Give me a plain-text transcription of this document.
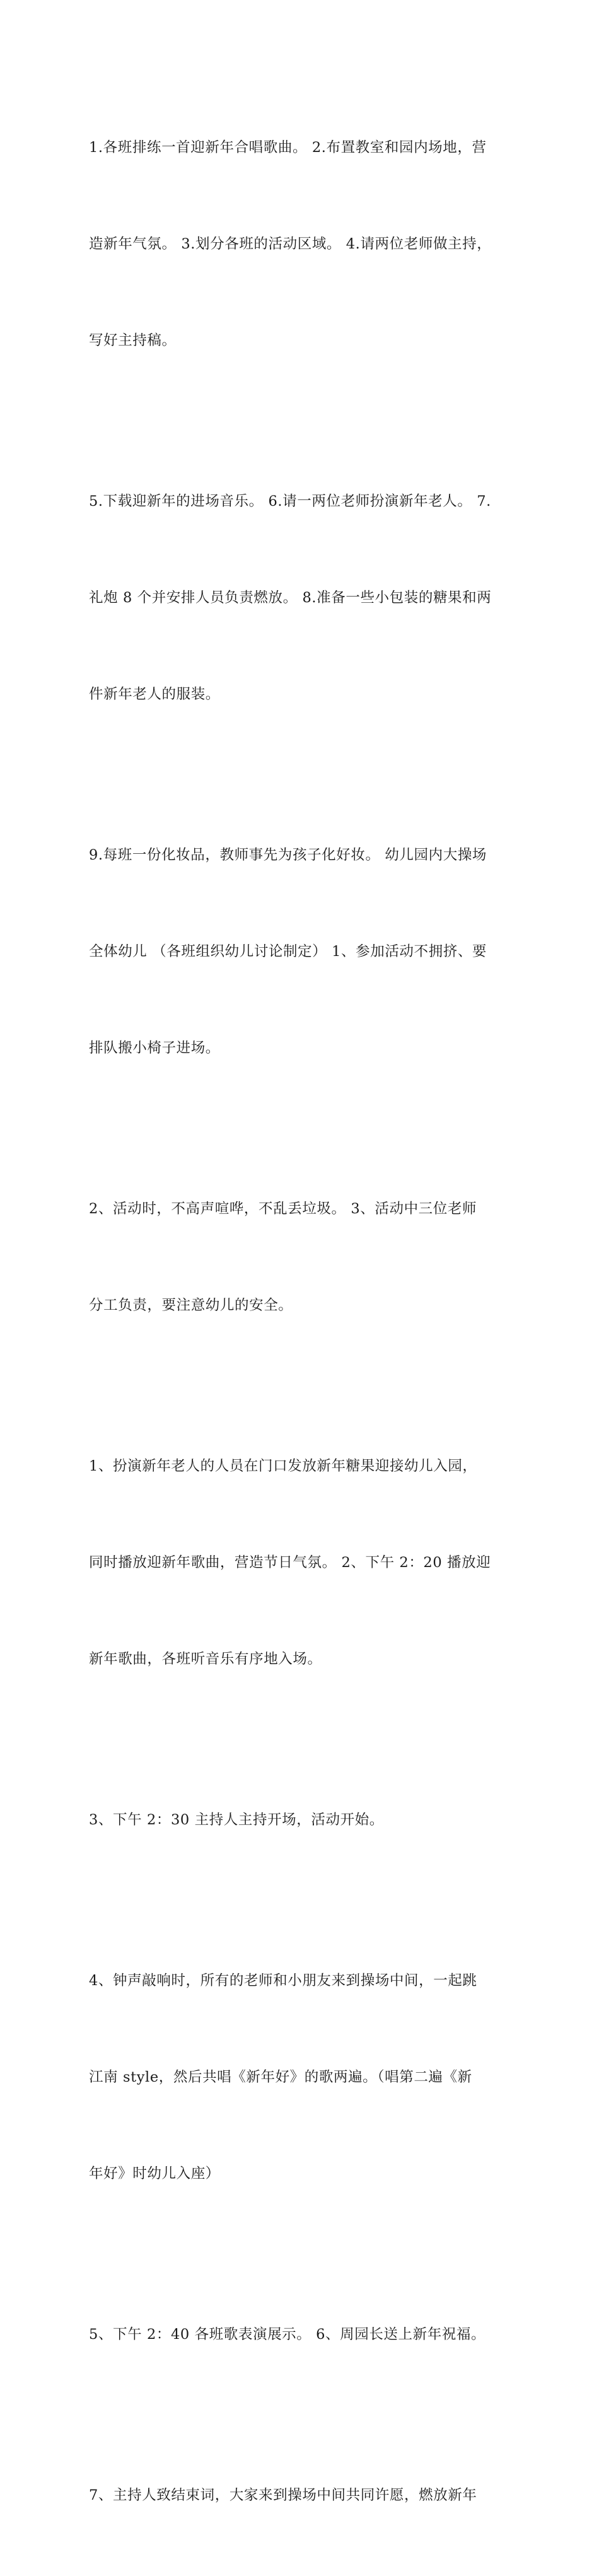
1.各班排练一首迎新年合唱歌曲。 2.布置教室和园内场地，营

造新年气氛。 3.划分各班的活动区域。 4.请两位老师做主持，

写好主持稿。

5.下载迎新年的进场音乐。 6.请一两位老师扮演新年老人。 7.

礼炮 8 个并安排人员负责燃放。 8.准备一些小包装的糖果和两

件新年老人的服装。

9.每班一份化妆品，教师事先为孩子化好妆。 幼儿园内大操场

全体幼儿 （各班组织幼儿讨论制定） 1、参加活动不拥挤、要

排队搬小椅子进场。

2、活动时，不高声喧哗，不乱丢垃圾。 3、活动中三位老师

分工负责，要注意幼儿的安全。

1、扮演新年老人的人员在门口发放新年糖果迎接幼儿入园，

同时播放迎新年歌曲，营造节日气氛。 2、下午 2：20 播放迎

新年歌曲，各班听音乐有序地入场。

3、下午 2：30 主持人主持开场，活动开始。

4、钟声敲响时，所有的老师和小朋友来到操场中间，一起跳

江南 style，然后共唱《新年好》的歌两遍。（唱第二遍《新

年好》时幼儿入座）

5、下午 2：40 各班歌表演展示。 6、周园长送上新年祝福。

7、主持人致结束词，大家来到操场中间共同许愿，燃放新年
